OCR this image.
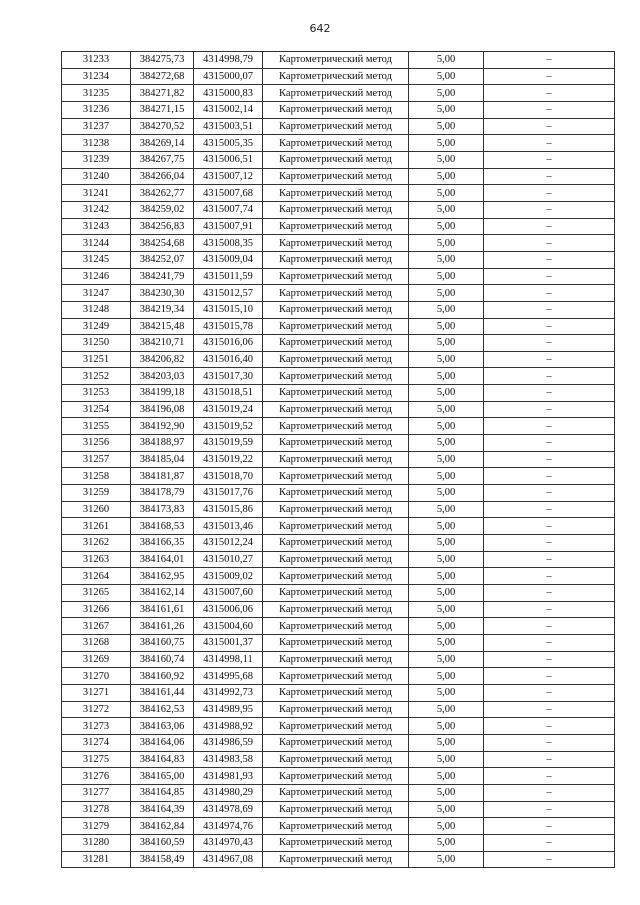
642
31233	384275,73	4314998,79	Картометрический метод	5,00	–
31234	384272,68	4315000,07	Картометрический метод	5,00	–
31235	384271,82	4315000,83	Картометрический метод	5,00	–
31236	384271,15	4315002,14	Картометрический метод	5,00	–
31237	384270,52	4315003,51	Картометрический метод	5,00	–
31238	384269,14	4315005,35	Картометрический метод	5,00	–
31239	384267,75	4315006,51	Картометрический метод	5,00	–
31240	384266,04	4315007,12	Картометрический метод	5,00	–
31241	384262,77	4315007,68	Картометрический метод	5,00	–
31242	384259,02	4315007,74	Картометрический метод	5,00	–
31243	384256,83	4315007,91	Картометрический метод	5,00	–
31244	384254,68	4315008,35	Картометрический метод	5,00	–
31245	384252,07	4315009,04	Картометрический метод	5,00	–
31246	384241,79	4315011,59	Картометрический метод	5,00	–
31247	384230,30	4315012,57	Картометрический метод	5,00	–
31248	384219,34	4315015,10	Картометрический метод	5,00	–
31249	384215,48	4315015,78	Картометрический метод	5,00	–
31250	384210,71	4315016,06	Картометрический метод	5,00	–
31251	384206,82	4315016,40	Картометрический метод	5,00	–
31252	384203,03	4315017,30	Картометрический метод	5,00	–
31253	384199,18	4315018,51	Картометрический метод	5,00	–
31254	384196,08	4315019,24	Картометрический метод	5,00	–
31255	384192,90	4315019,52	Картометрический метод	5,00	–
31256	384188,97	4315019,59	Картометрический метод	5,00	–
31257	384185,04	4315019,22	Картометрический метод	5,00	–
31258	384181,87	4315018,70	Картометрический метод	5,00	–
31259	384178,79	4315017,76	Картометрический метод	5,00	–
31260	384173,83	4315015,86	Картометрический метод	5,00	–
31261	384168,53	4315013,46	Картометрический метод	5,00	–
31262	384166,35	4315012,24	Картометрический метод	5,00	–
31263	384164,01	4315010,27	Картометрический метод	5,00	–
31264	384162,95	4315009,02	Картометрический метод	5,00	–
31265	384162,14	4315007,60	Картометрический метод	5,00	–
31266	384161,61	4315006,06	Картометрический метод	5,00	–
31267	384161,26	4315004,60	Картометрический метод	5,00	–
31268	384160,75	4315001,37	Картометрический метод	5,00	–
31269	384160,74	4314998,11	Картометрический метод	5,00	–
31270	384160,92	4314995,68	Картометрический метод	5,00	–
31271	384161,44	4314992,73	Картометрический метод	5,00	–
31272	384162,53	4314989,95	Картометрический метод	5,00	–
31273	384163,06	4314988,92	Картометрический метод	5,00	–
31274	384164,06	4314986,59	Картометрический метод	5,00	–
31275	384164,83	4314983,58	Картометрический метод	5,00	–
31276	384165,00	4314981,93	Картометрический метод	5,00	–
31277	384164,85	4314980,29	Картометрический метод	5,00	–
31278	384164,39	4314978,69	Картометрический метод	5,00	–
31279	384162,84	4314974,76	Картометрический метод	5,00	–
31280	384160,59	4314970,43	Картометрический метод	5,00	–
31281	384158,49	4314967,08	Картометрический метод	5,00	–
